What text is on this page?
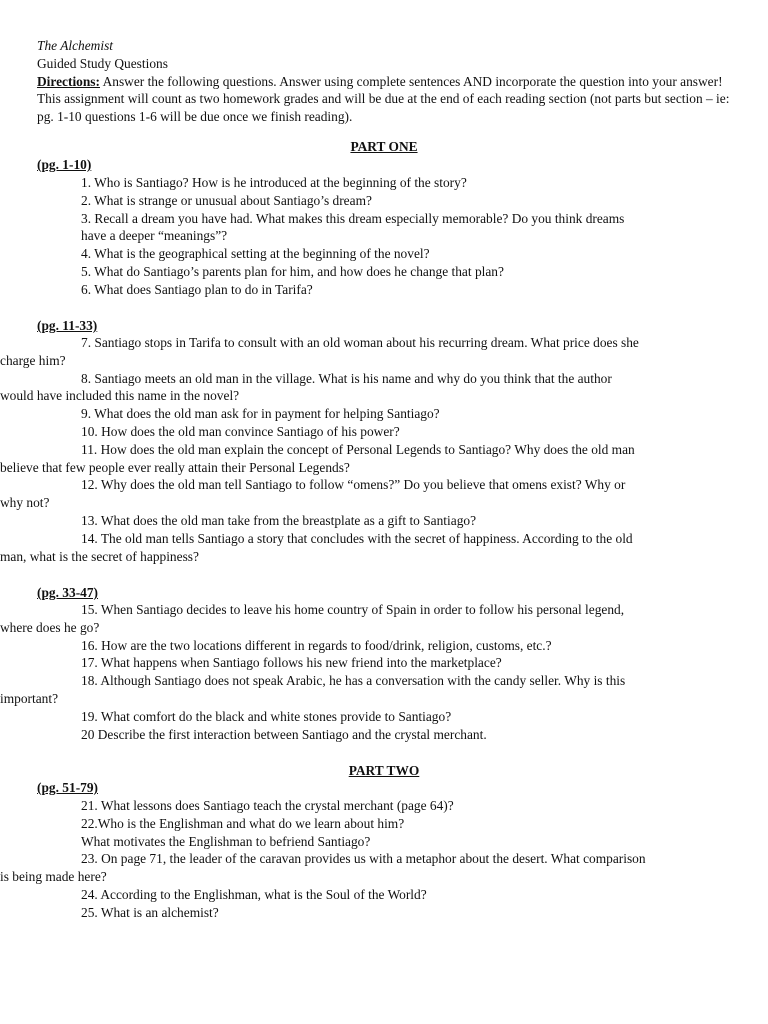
The Alchemist
Guided Study Questions
Directions: Answer the following questions. Answer using complete sentences AND incorporate the question into your answer! This assignment will count as two homework grades and will be due at the end of each reading section (not parts but section – ie: pg. 1-10 questions 1-6 will be due once we finish reading).
PART ONE
(pg. 1-10)
1. Who is Santiago? How is he introduced at the beginning of the story?
2. What is strange or unusual about Santiago’s dream?
3. Recall a dream you have had. What makes this dream especially memorable? Do you think dreams
have a deeper “meanings”?
4. What is the geographical setting at the beginning of the novel?
5. What do Santiago’s parents plan for him, and how does he change that plan?
6. What does Santiago plan to do in Tarifa?
(pg. 11-33)
7. Santiago stops in Tarifa to consult with an old woman about his recurring dream. What price does she
charge him?
8. Santiago meets an old man in the village. What is his name and why do you think that the author
would have included this name in the novel?
9. What does the old man ask for in payment for helping Santiago?
10. How does the old man convince Santiago of his power?
11. How does the old man explain the concept of Personal Legends to Santiago? Why does the old man
believe that few people ever really attain their Personal Legends?
12. Why does the old man tell Santiago to follow “omens?” Do you believe that omens exist? Why or
why not?
13. What does the old man take from the breastplate as a gift to Santiago?
14. The old man tells Santiago a story that concludes with the secret of happiness. According to the old
man, what is the secret of happiness?
(pg. 33-47)
15. When Santiago decides to leave his home country of Spain in order to follow his personal legend,
where does he go?
16. How are the two locations different in regards to food/drink, religion, customs, etc.?
17. What happens when Santiago follows his new friend into the marketplace?
18. Although Santiago does not speak Arabic, he has a conversation with the candy seller. Why is this
important?
19. What comfort do the black and white stones provide to Santiago?
20 Describe the first interaction between Santiago and the crystal merchant.
PART TWO
(pg. 51-79)
21. What lessons does Santiago teach the crystal merchant (page 64)?
22.Who is the Englishman and what do we learn about him?
What motivates the Englishman to befriend Santiago?
23. On page 71, the leader of the caravan provides us with a metaphor about the desert. What comparison
is being made here?
24. According to the Englishman, what is the Soul of the World?
25. What is an alchemist?
